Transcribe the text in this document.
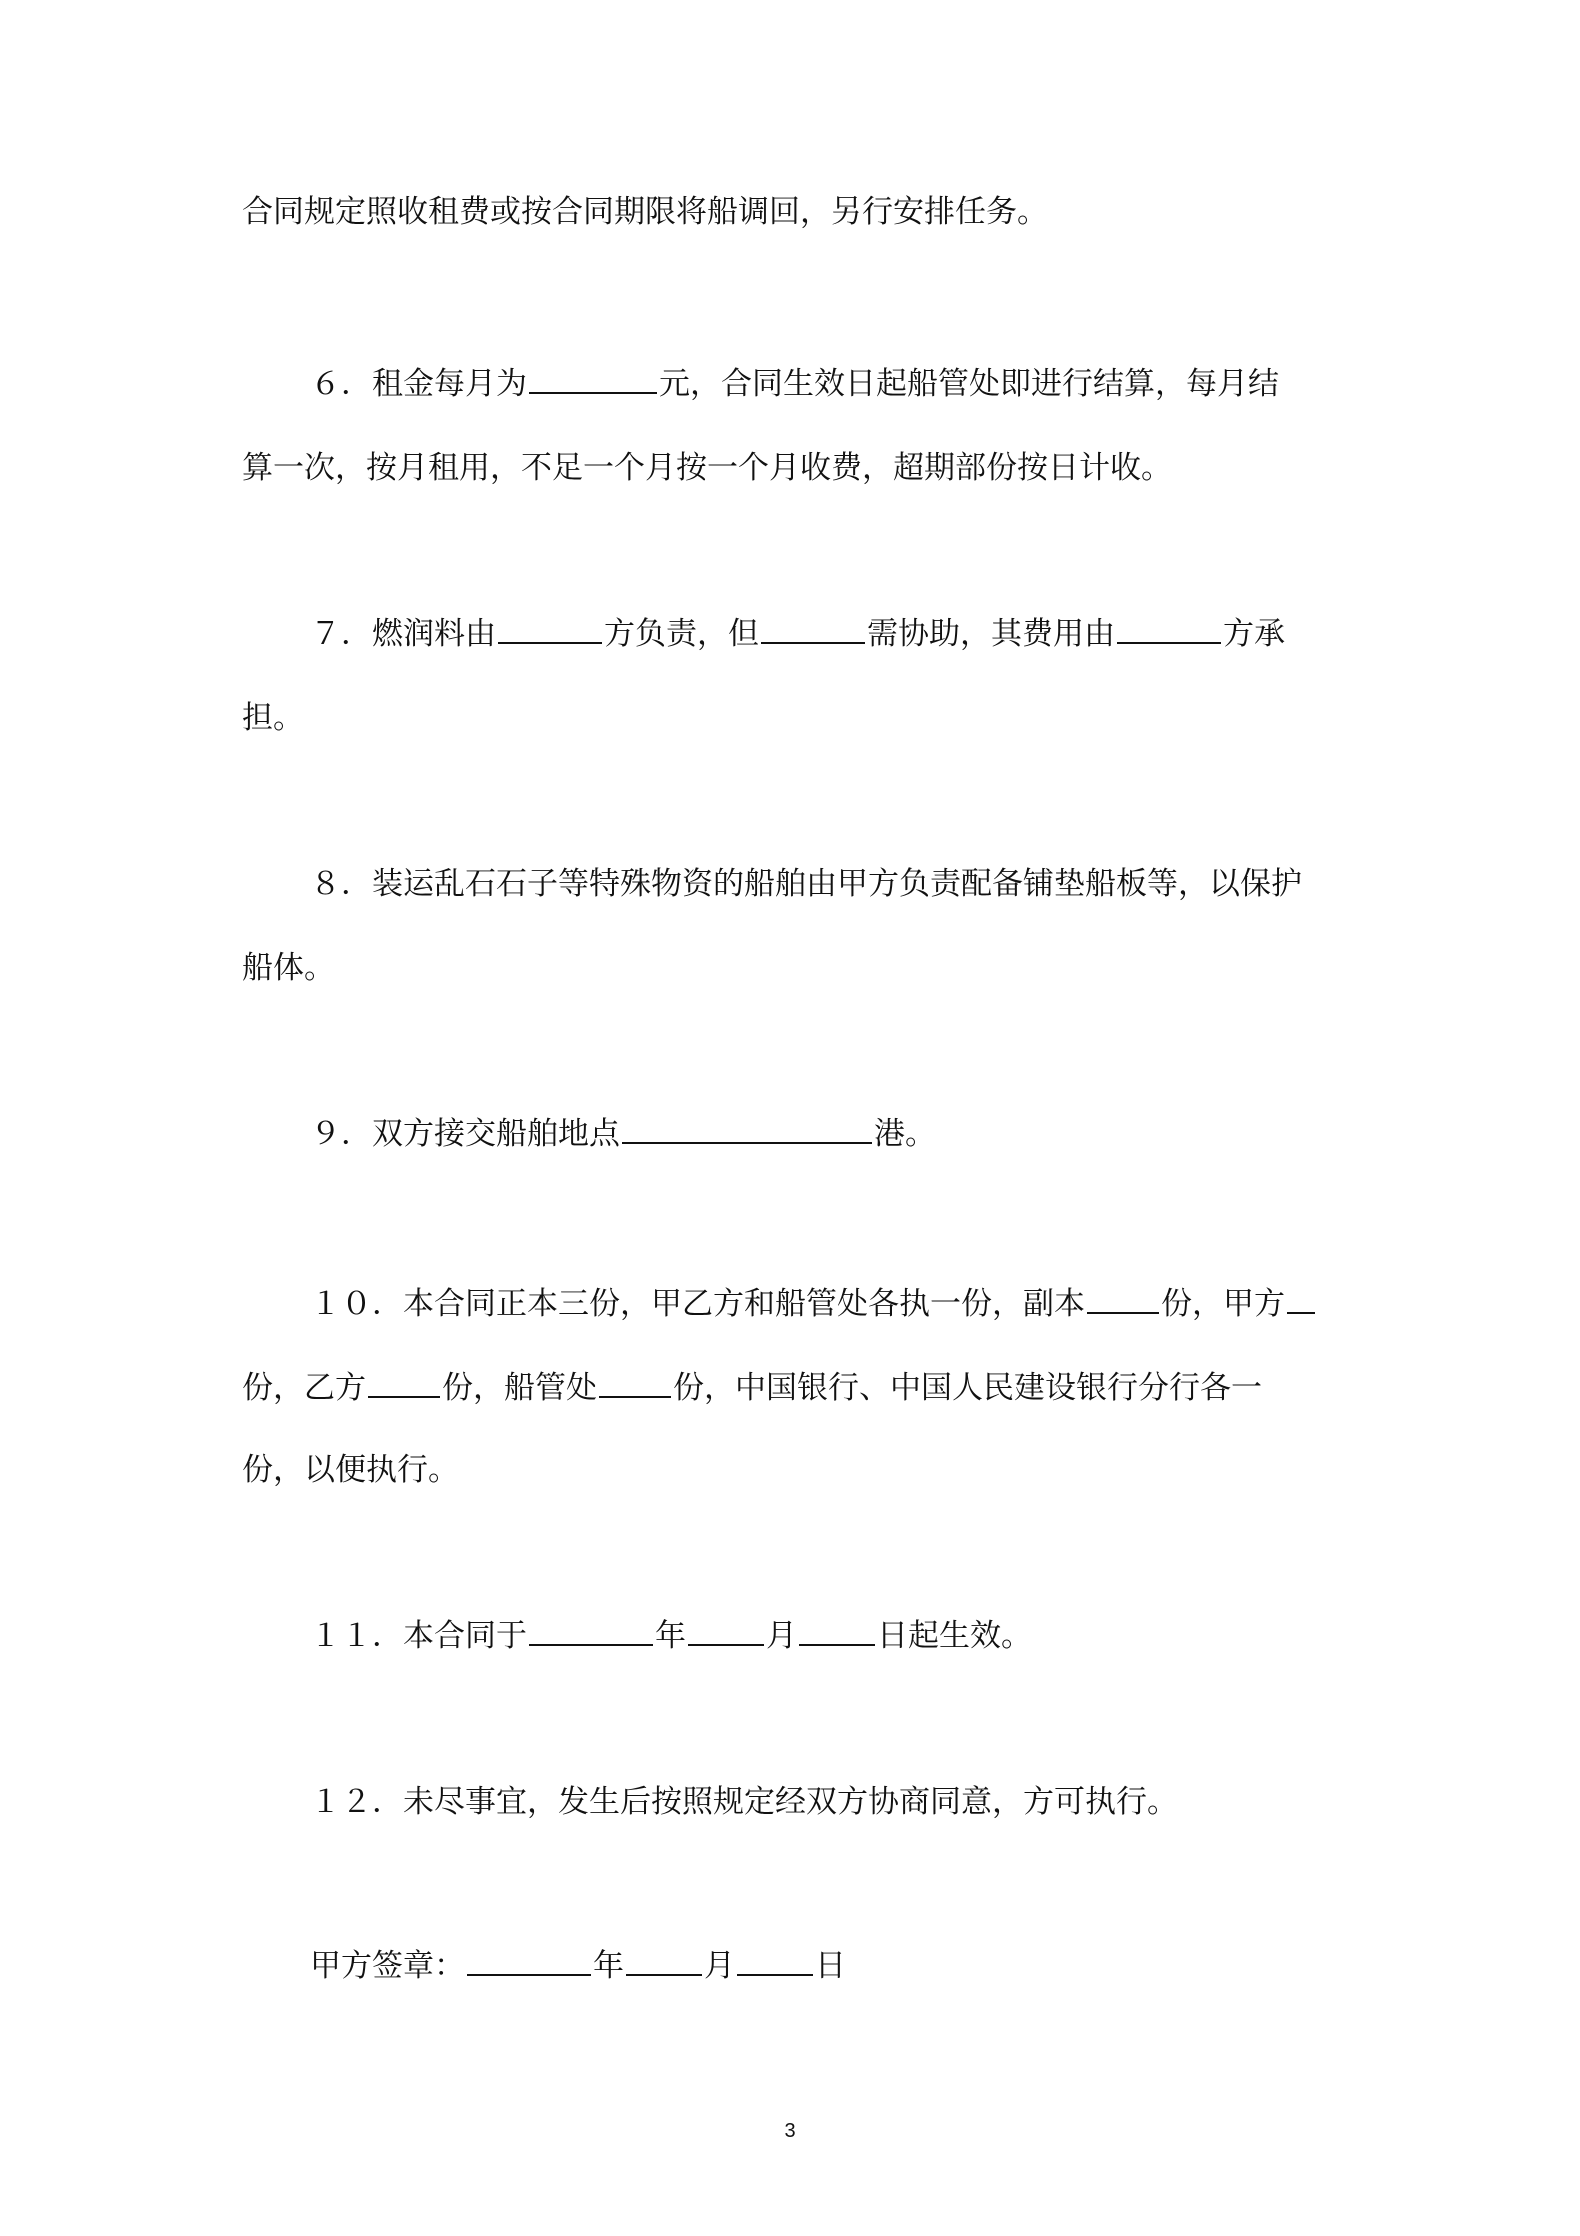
合同规定照收租费或按合同期限将船调回，另行安排任务。
６．租金每月为	元，合同生效日起船管处即进行结算，每月结
算一次，按月租用，不足一个月按一个月收费，超期部份按日计收。
７．燃润料由	方负责，但	需协助，其费用由	方承
担。
８．装运乱石石子等特殊物资的船舶由甲方负责配备铺垫船板等，以保护
船体。
９．双方接交船舶地点	港。
１０．本合同正本三份，甲乙方和船管处各执一份，副本 份，甲方
份，乙方 份，船管处 份，中国银行、中国人民建设银行分行各一
份，以便执行。
１１．本合同于	年	月	日起生效。
１２．未尽事宜，发生后按照规定经双方协商同意，方可执行。
甲方签章：	年	月	日
3
